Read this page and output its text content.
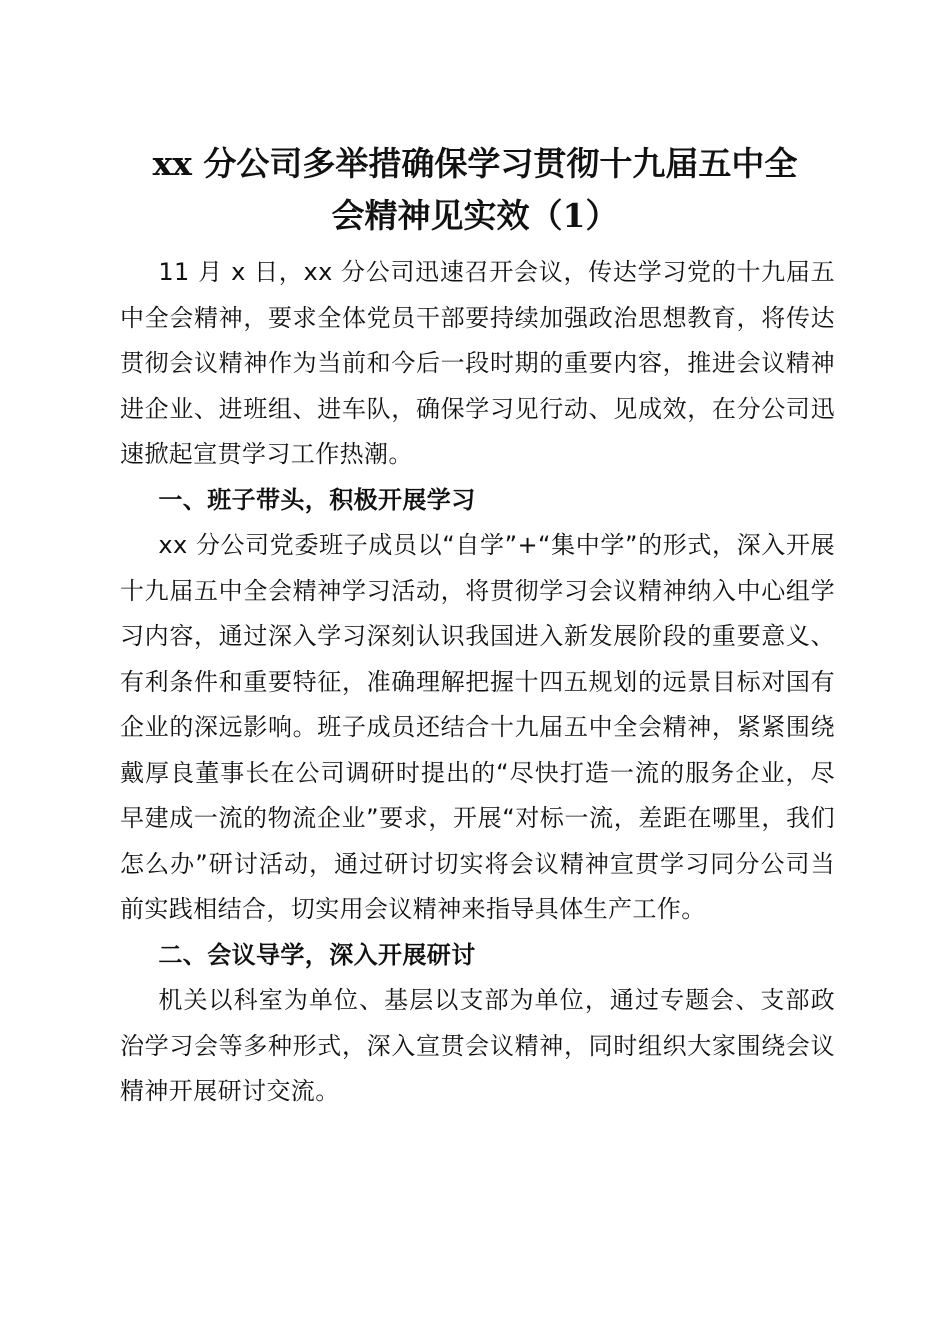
xx 分公司多举措确保学习贯彻十九届五中全
会精神见实效（1）

11 月 x 日，xx 分公司迅速召开会议，传达学习党的十九届五中全会精神，要求全体党员干部要持续加强政治思想教育，将传达贯彻会议精神作为当前和今后一段时期的重要内容，推进会议精神进企业、进班组、进车队，确保学习见行动、见成效，在分公司迅速掀起宣贯学习工作热潮。

一、班子带头，积极开展学习

xx 分公司党委班子成员以“自学”+“集中学”的形式，深入开展十九届五中全会精神学习活动，将贯彻学习会议精神纳入中心组学习内容，通过深入学习深刻认识我国进入新发展阶段的重要意义、有利条件和重要特征，准确理解把握十四五规划的远景目标对国有企业的深远影响。班子成员还结合十九届五中全会精神，紧紧围绕戴厚良董事长在公司调研时提出的“尽快打造一流的服务企业，尽早建成一流的物流企业”要求，开展“对标一流，差距在哪里，我们怎么办”研讨活动，通过研讨切实将会议精神宣贯学习同分公司当前实践相结合，切实用会议精神来指导具体生产工作。

二、会议导学，深入开展研讨

机关以科室为单位、基层以支部为单位，通过专题会、支部政治学习会等多种形式，深入宣贯会议精神，同时组织大家围绕会议精神开展研讨交流。
